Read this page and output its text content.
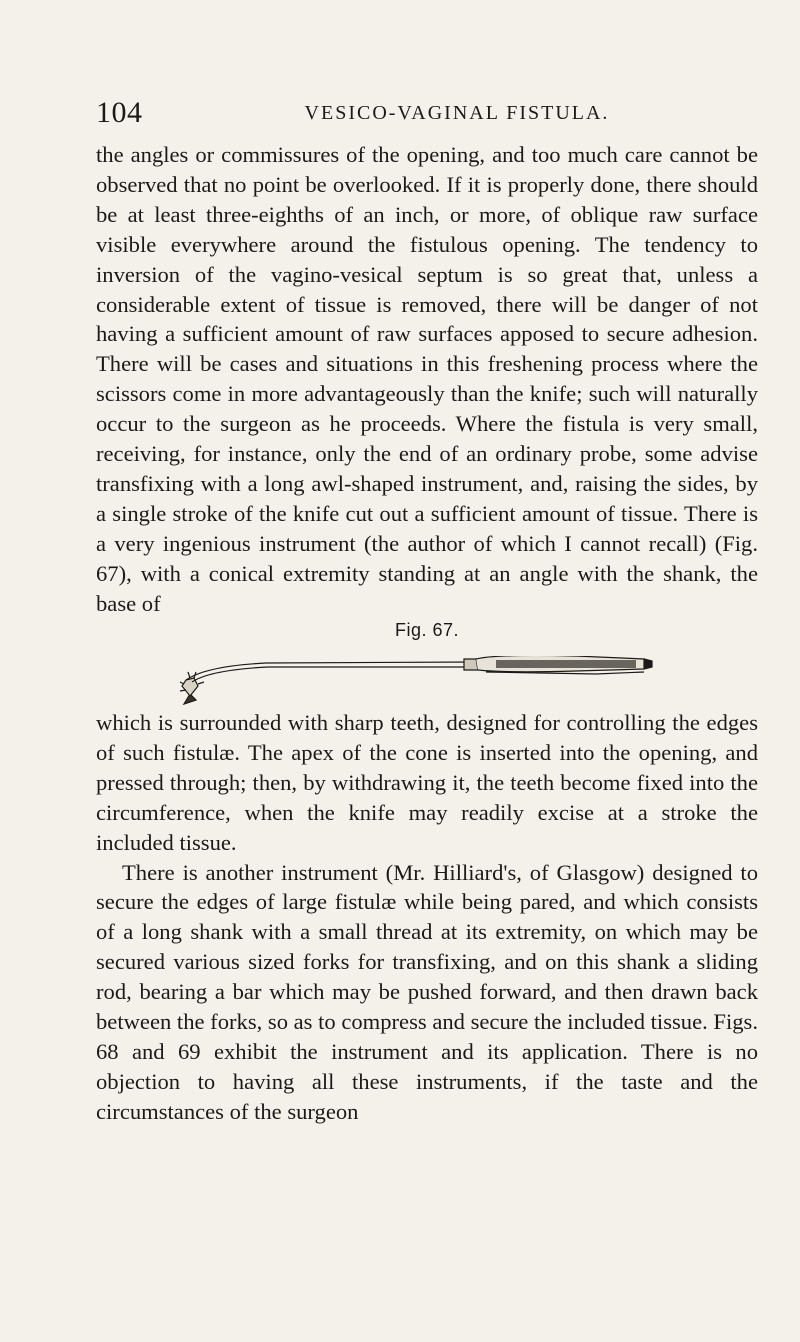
104	VESICO-VAGINAL FISTULA.

the angles or commissures of the opening, and too much care cannot be observed that no point be overlooked. If it is properly done, there should be at least three-eighths of an inch, or more, of oblique raw surface visible everywhere around the fistulous opening. The tendency to inversion of the vagino-vesical septum is so great that, unless a considerable extent of tissue is removed, there will be danger of not having a sufficient amount of raw surfaces apposed to secure adhesion. There will be cases and situations in this freshening process where the scissors come in more advantageously than the knife; such will naturally occur to the surgeon as he proceeds. Where the fistula is very small, receiving, for instance, only the end of an ordinary probe, some advise transfixing with a long awl-shaped instrument, and, raising the sides, by a single stroke of the knife cut out a sufficient amount of tissue. There is a very ingenious instrument (the author of which I cannot recall) (Fig. 67), with a conical extremity standing at an angle with the shank, the base of

Fig. 67.

which is surrounded with sharp teeth, designed for controlling the edges of such fistulæ. The apex of the cone is inserted into the opening, and pressed through; then, by withdrawing it, the teeth become fixed into the circumference, when the knife may readily excise at a stroke the included tissue.

There is another instrument (Mr. Hilliard's, of Glasgow) designed to secure the edges of large fistulæ while being pared, and which consists of a long shank with a small thread at its extremity, on which may be secured various sized forks for transfixing, and on this shank a sliding rod, bearing a bar which may be pushed forward, and then drawn back between the forks, so as to compress and secure the included tissue. Figs. 68 and 69 exhibit the instrument and its application. There is no objection to having all these instruments, if the taste and the circumstances of the surgeon
